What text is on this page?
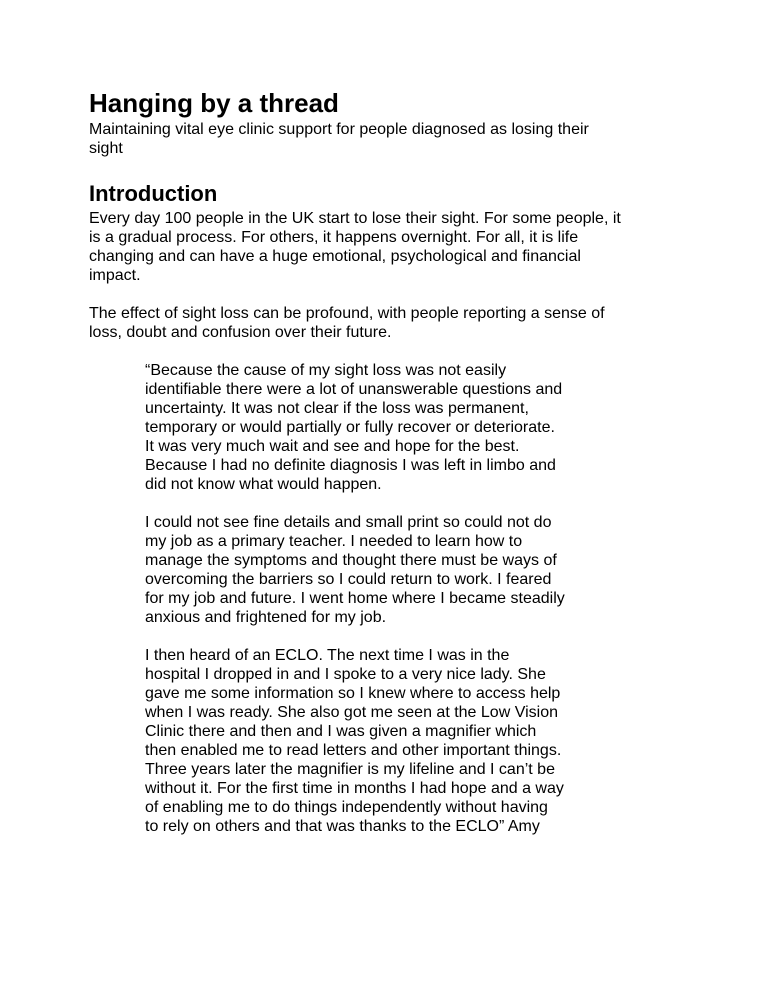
Hanging by a thread

Maintaining vital eye clinic support for people diagnosed as losing their sight

Introduction

Every day 100 people in the UK start to lose their sight. For some people, it is a gradual process. For others, it happens overnight. For all, it is life changing and can have a huge emotional, psychological and financial impact.

The effect of sight loss can be profound, with people reporting a sense of loss, doubt and confusion over their future.

“Because the cause of my sight loss was not easily identifiable there were a lot of unanswerable questions and uncertainty. It was not clear if the loss was permanent, temporary or would partially or fully recover or deteriorate. It was very much wait and see and hope for the best. Because I had no definite diagnosis I was left in limbo and did not know what would happen.

I could not see fine details and small print so could not do my job as a primary teacher. I needed to learn how to manage the symptoms and thought there must be ways of overcoming the barriers so I could return to work. I feared for my job and future. I went home where I became steadily anxious and frightened for my job.

I then heard of an ECLO. The next time I was in the hospital I dropped in and I spoke to a very nice lady. She gave me some information so I knew where to access help when I was ready. She also got me seen at the Low Vision Clinic there and then and I was given a magnifier which then enabled me to read letters and other important things. Three years later the magnifier is my lifeline and I can’t be without it. For the first time in months I had hope and a way of enabling me to do things independently without having to rely on others and that was thanks to the ECLO” Amy
